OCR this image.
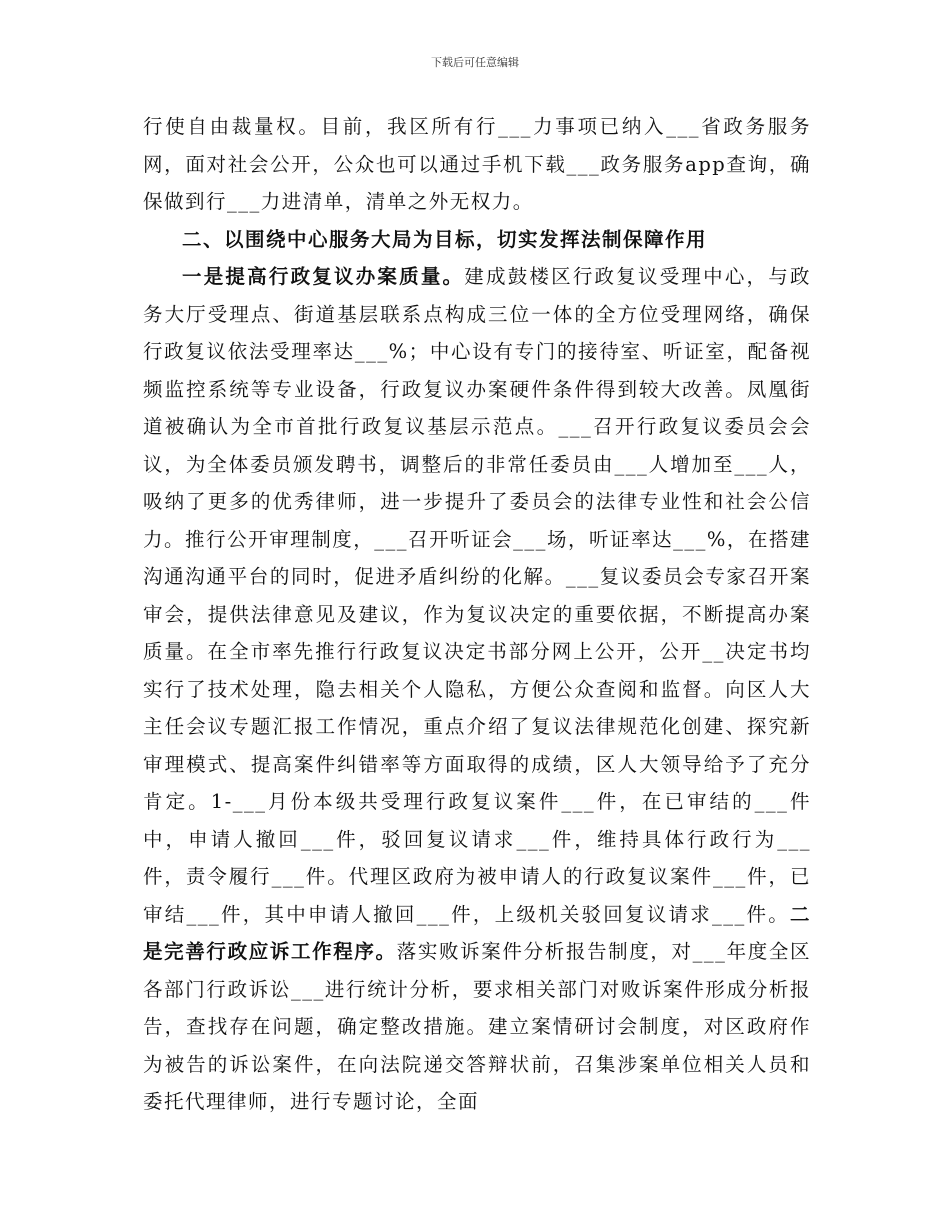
下载后可任意编辑

行使自由裁量权。目前，我区所有行___力事项已纳入___省政务服务网，面对社会公开，公众也可以通过手机下载___政务服务app查询，确保做到行___力进清单，清单之外无权力。

二、以围绕中心服务大局为目标，切实发挥法制保障作用

一是提高行政复议办案质量。建成鼓楼区行政复议受理中心，与政务大厅受理点、街道基层联系点构成三位一体的全方位受理网络，确保行政复议依法受理率达___%；中心设有专门的接待室、听证室，配备视频监控系统等专业设备，行政复议办案硬件条件得到较大改善。凤凰街道被确认为全市首批行政复议基层示范点。___召开行政复议委员会会议，为全体委员颁发聘书，调整后的非常任委员由___人增加至___人，吸纳了更多的优秀律师，进一步提升了委员会的法律专业性和社会公信力。推行公开审理制度，___召开听证会___场，听证率达___%，在搭建沟通沟通平台的同时，促进矛盾纠纷的化解。___复议委员会专家召开案审会，提供法律意见及建议，作为复议决定的重要依据，不断提高办案质量。在全市率先推行行政复议决定书部分网上公开，公开__决定书均实行了技术处理，隐去相关个人隐私，方便公众查阅和监督。向区人大主任会议专题汇报工作情况，重点介绍了复议法律规范化创建、探究新审理模式、提高案件纠错率等方面取得的成绩，区人大领导给予了充分肯定。1-___月份本级共受理行政复议案件___件，在已审结的___件中，申请人撤回___件，驳回复议请求___件，维持具体行政行为___件，责令履行___件。代理区政府为被申请人的行政复议案件___件，已审结___件，其中申请人撤回___件，上级机关驳回复议请求___件。二是完善行政应诉工作程序。落实败诉案件分析报告制度，对___年度全区各部门行政诉讼___进行统计分析，要求相关部门对败诉案件形成分析报告，查找存在问题，确定整改措施。建立案情研讨会制度，对区政府作为被告的诉讼案件，在向法院递交答辩状前，召集涉案单位相关人员和委托代理律师，进行专题讨论，全面
